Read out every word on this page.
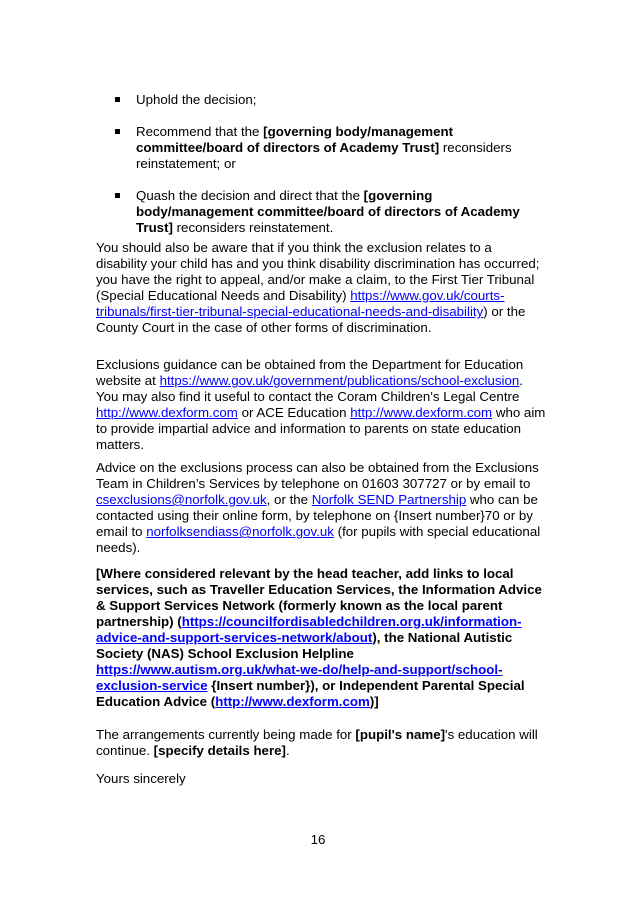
Uphold the decision;
Recommend that the [governing body/management committee/board of directors of Academy Trust] reconsiders reinstatement; or
Quash the decision and direct that the [governing body/management committee/board of directors of Academy Trust] reconsiders reinstatement.
You should also be aware that if you think the exclusion relates to a disability your child has and you think disability discrimination has occurred; you have the right to appeal, and/or make a claim, to the First Tier Tribunal (Special Educational Needs and Disability) https://www.gov.uk/courts-tribunals/first-tier-tribunal-special-educational-needs-and-disability) or the County Court in the case of other forms of discrimination.
Exclusions guidance can be obtained from the Department for Education website at https://www.gov.uk/government/publications/school-exclusion. You may also find it useful to contact the Coram Children's Legal Centre http://www.dexform.com or ACE Education http://www.dexform.com who aim to provide impartial advice and information to parents on state education matters.
Advice on the exclusions process can also be obtained from the Exclusions Team in Children’s Services by telephone on 01603 307727 or by email to csexclusions@norfolk.gov.uk, or the Norfolk SEND Partnership who can be contacted using their online form, by telephone on {Insert number}70 or by email to norfolksendiass@norfolk.gov.uk (for pupils with special educational needs).
[Where considered relevant by the head teacher, add links to local services, such as Traveller Education Services, the Information Advice & Support Services Network (formerly known as the local parent partnership) (https://councilfordisabledchildren.org.uk/information-advice-and-support-services-network/about), the National Autistic Society (NAS) School Exclusion Helpline https://www.autism.org.uk/what-we-do/help-and-support/school-exclusion-service {Insert number}), or Independent Parental Special Education Advice (http://www.dexform.com)]
The arrangements currently being made for [pupil's name]'s education will continue. [specify details here].
Yours sincerely
16
